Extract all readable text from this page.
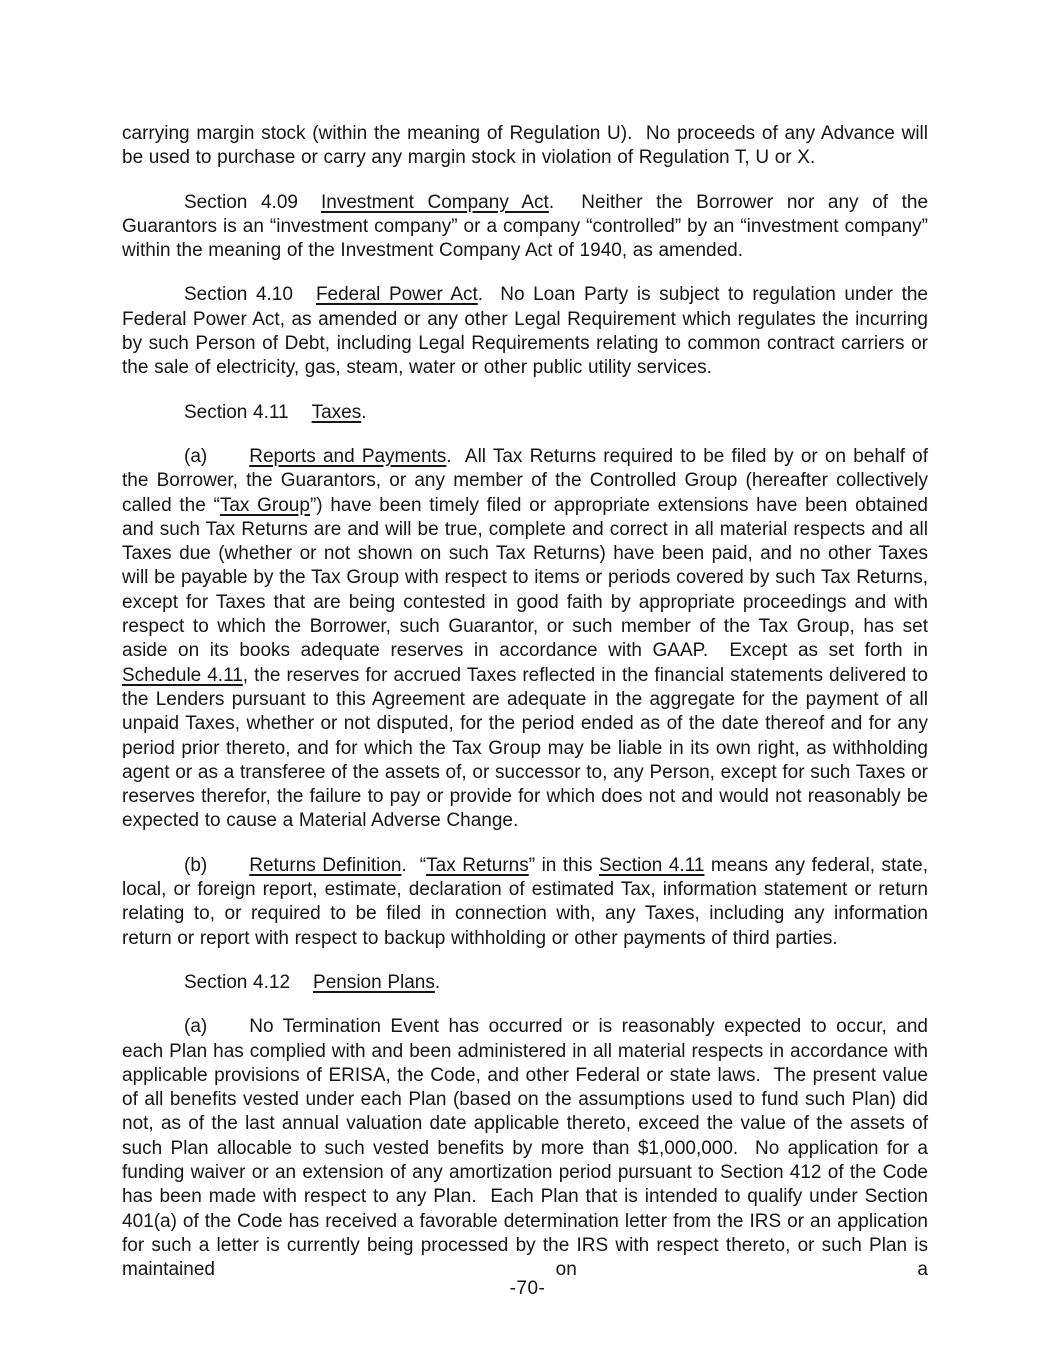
carrying margin stock (within the meaning of Regulation U).  No proceeds of any Advance will be used to purchase or carry any margin stock in violation of Regulation T, U or X.

Section 4.09 Investment Company Act.  Neither the Borrower nor any of the Guarantors is an “investment company” or a company “controlled” by an “investment company” within the meaning of the Investment Company Act of 1940, as amended.

Section 4.10 Federal Power Act.  No Loan Party is subject to regulation under the Federal Power Act, as amended or any other Legal Requirement which regulates the incurring by such Person of Debt, including Legal Requirements relating to common contract carriers or the sale of electricity, gas, steam, water or other public utility services.

Section 4.11 Taxes.

(a) Reports and Payments.  All Tax Returns required to be filed by or on behalf of the Borrower, the Guarantors, or any member of the Controlled Group (hereafter collectively called the “Tax Group”) have been timely filed or appropriate extensions have been obtained and such Tax Returns are and will be true, complete and correct in all material respects and all Taxes due (whether or not shown on such Tax Returns) have been paid, and no other Taxes will be payable by the Tax Group with respect to items or periods covered by such Tax Returns, except for Taxes that are being contested in good faith by appropriate proceedings and with respect to which the Borrower, such Guarantor, or such member of the Tax Group, has set aside on its books adequate reserves in accordance with GAAP.  Except as set forth in Schedule 4.11, the reserves for accrued Taxes reflected in the financial statements delivered to the Lenders pursuant to this Agreement are adequate in the aggregate for the payment of all unpaid Taxes, whether or not disputed, for the period ended as of the date thereof and for any period prior thereto, and for which the Tax Group may be liable in its own right, as withholding agent or as a transferee of the assets of, or successor to, any Person, except for such Taxes or reserves therefor, the failure to pay or provide for which does not and would not reasonably be expected to cause a Material Adverse Change.

(b) Returns Definition.  “Tax Returns” in this Section 4.11 means any federal, state, local, or foreign report, estimate, declaration of estimated Tax, information statement or return relating to, or required to be filed in connection with, any Taxes, including any information return or report with respect to backup withholding or other payments of third parties.

Section 4.12 Pension Plans.

(a) No Termination Event has occurred or is reasonably expected to occur, and each Plan has complied with and been administered in all material respects in accordance with applicable provisions of ERISA, the Code, and other Federal or state laws.  The present value of all benefits vested under each Plan (based on the assumptions used to fund such Plan) did not, as of the last annual valuation date applicable thereto, exceed the value of the assets of such Plan allocable to such vested benefits by more than $1,000,000.  No application for a funding waiver or an extension of any amortization period pursuant to Section 412 of the Code has been made with respect to any Plan.  Each Plan that is intended to qualify under Section 401(a) of the Code has received a favorable determination letter from the IRS or an application for such a letter is currently being processed by the IRS with respect thereto, or such Plan is maintained on a

-70-
